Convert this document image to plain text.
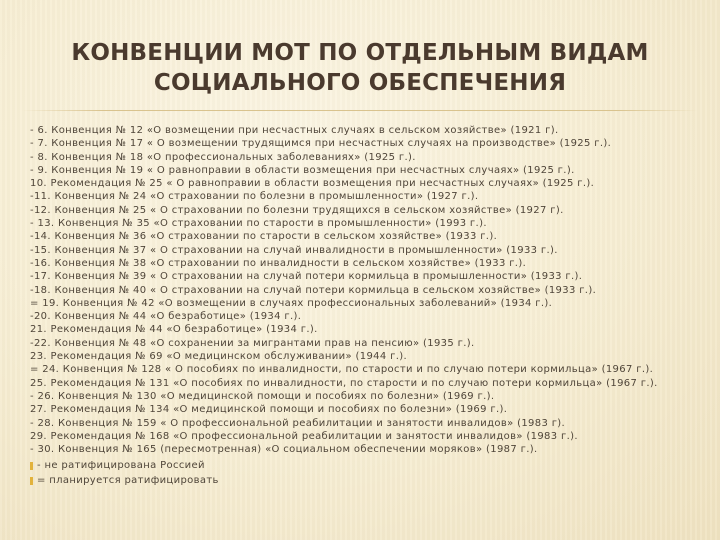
КОНВЕНЦИИ МОТ ПО ОТДЕЛЬНЫМ ВИДАМ
СОЦИАЛЬНОГО ОБЕСПЕЧЕНИЯ
- 6. Конвенция № 12 «О возмещении при несчастных случаях в сельском хозяйстве» (1921 г).
- 7. Конвенция № 17 « О возмещении трудящимся при несчастных случаях на производстве» (1925 г.).
- 8. Конвенция № 18 «О профессиональных заболеваниях» (1925 г.).
- 9. Конвенция № 19 « О равноправии в области возмещения при несчастных случаях» (1925 г.).
10. Рекомендация № 25 « О равноправии в области возмещения при несчастных случаях» (1925 г.).
-11. Конвенция № 24 «О страховании по болезни в промышленности» (1927 г.).
-12. Конвенция № 25 « О страховании по болезни трудящихся в сельском хозяйстве» (1927 г).
- 13. Конвенция № 35 «О страховании по старости в промышленности» (1993 г.).
-14. Конвенция № 36 «О страховании по старости в сельском хозяйстве» (1933 г.).
-15. Конвенция № 37 « О страховании на случай инвалидности в промышленности» (1933 г.).
-16. Конвенция № 38 «О страховании по инвалидности в сельском хозяйстве» (1933 г.).
-17. Конвенция № 39 « О страховании на случай потери кормильца в промышленности» (1933 г.).
-18. Конвенция № 40 « О страховании на случай потери кормильца в сельском хозяйстве» (1933 г.).
= 19. Конвенция № 42 «О возмещении в случаях профессиональных заболеваний» (1934 г.).
-20. Конвенция № 44 «О безработице» (1934 г.).
21. Рекомендация № 44 «О безработице» (1934 г.).
-22. Конвенция № 48 «О сохранении за мигрантами прав на пенсию» (1935 г.).
23. Рекомендация № 69 «О медицинском обслуживании» (1944 г.).
= 24. Конвенция № 128 « О пособиях по инвалидности, по старости и по случаю потери кормильца» (1967 г.).
25. Рекомендация № 131 «О пособиях по инвалидности, по старости и по случаю потери кормильца» (1967 г.).
- 26. Конвенция № 130 «О медицинской помощи и пособиях по болезни» (1969 г.).
27. Рекомендация № 134 «О медицинской помощи и пособиях по болезни» (1969 г.).
- 28. Конвенция № 159 « О профессиональной реабилитации и занятости инвалидов» (1983 г).
29. Рекомендация № 168 «О профессиональной реабилитации и занятости инвалидов» (1983 г.).
- 30. Конвенция № 165 (пересмотренная) «О социальном обеспечении моряков» (1987 г.).
- не ратифицирована Россией
= планируется ратифицировать
